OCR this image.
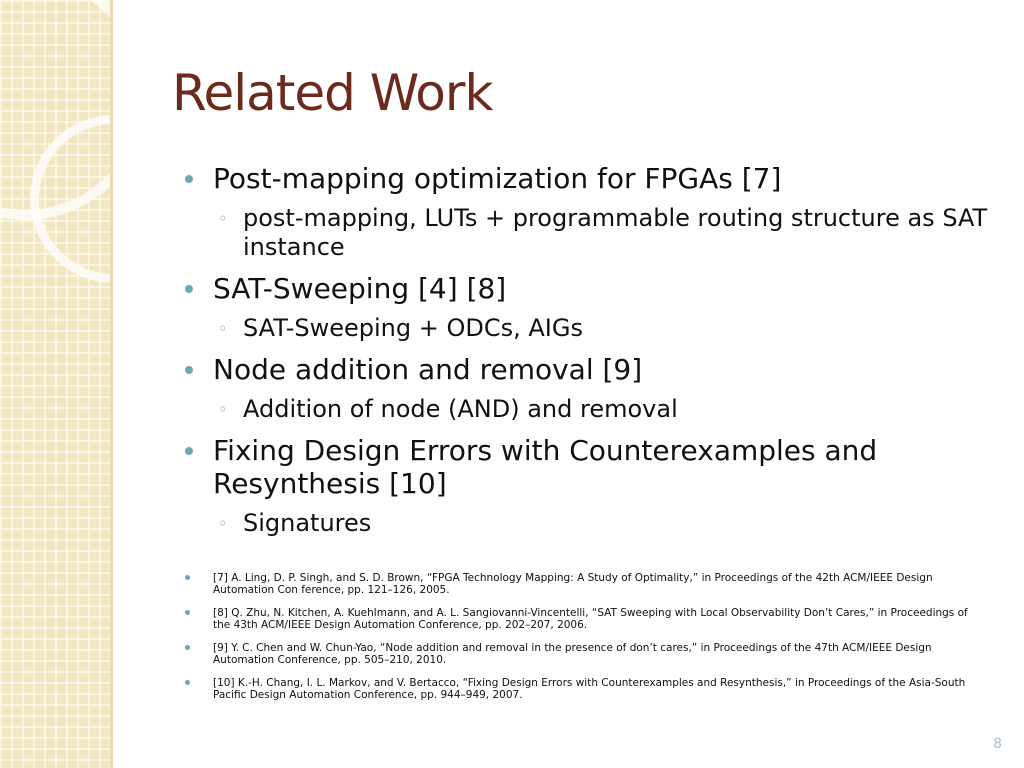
Related Work
Post-mapping optimization for FPGAs [7]
◦ post-mapping, LUTs + programmable routing structure as SAT instance
SAT-Sweeping [4] [8]
◦ SAT-Sweeping + ODCs, AIGs
Node addition and removal [9]
◦ Addition of node (AND) and removal
Fixing Design Errors with Counterexamples and Resynthesis [10]
◦ Signatures
[7] A. Ling, D. P. Singh, and S. D. Brown, “FPGA Technology Mapping: A Study of Optimality,” in Proceedings of the 42th ACM/IEEE Design Automation Con ference, pp. 121–126, 2005.
[8] Q. Zhu, N. Kitchen, A. Kuehlmann, and A. L. Sangiovanni-Vincentelli, “SAT Sweeping with Local Observability Don’t Cares,” in Proceedings of the 43th ACM/IEEE Design Automation Conference, pp. 202–207, 2006.
[9] Y. C. Chen and W. Chun-Yao, “Node addition and removal in the presence of don’t cares,” in Proceedings of the 47th ACM/IEEE Design Automation Conference, pp. 505–210, 2010.
[10] K.-H. Chang, I. L. Markov, and V. Bertacco, “Fixing Design Errors with Counterexamples and Resynthesis,” in Proceedings of the Asia-South Pacific Design Automation Conference, pp. 944–949, 2007.
8
